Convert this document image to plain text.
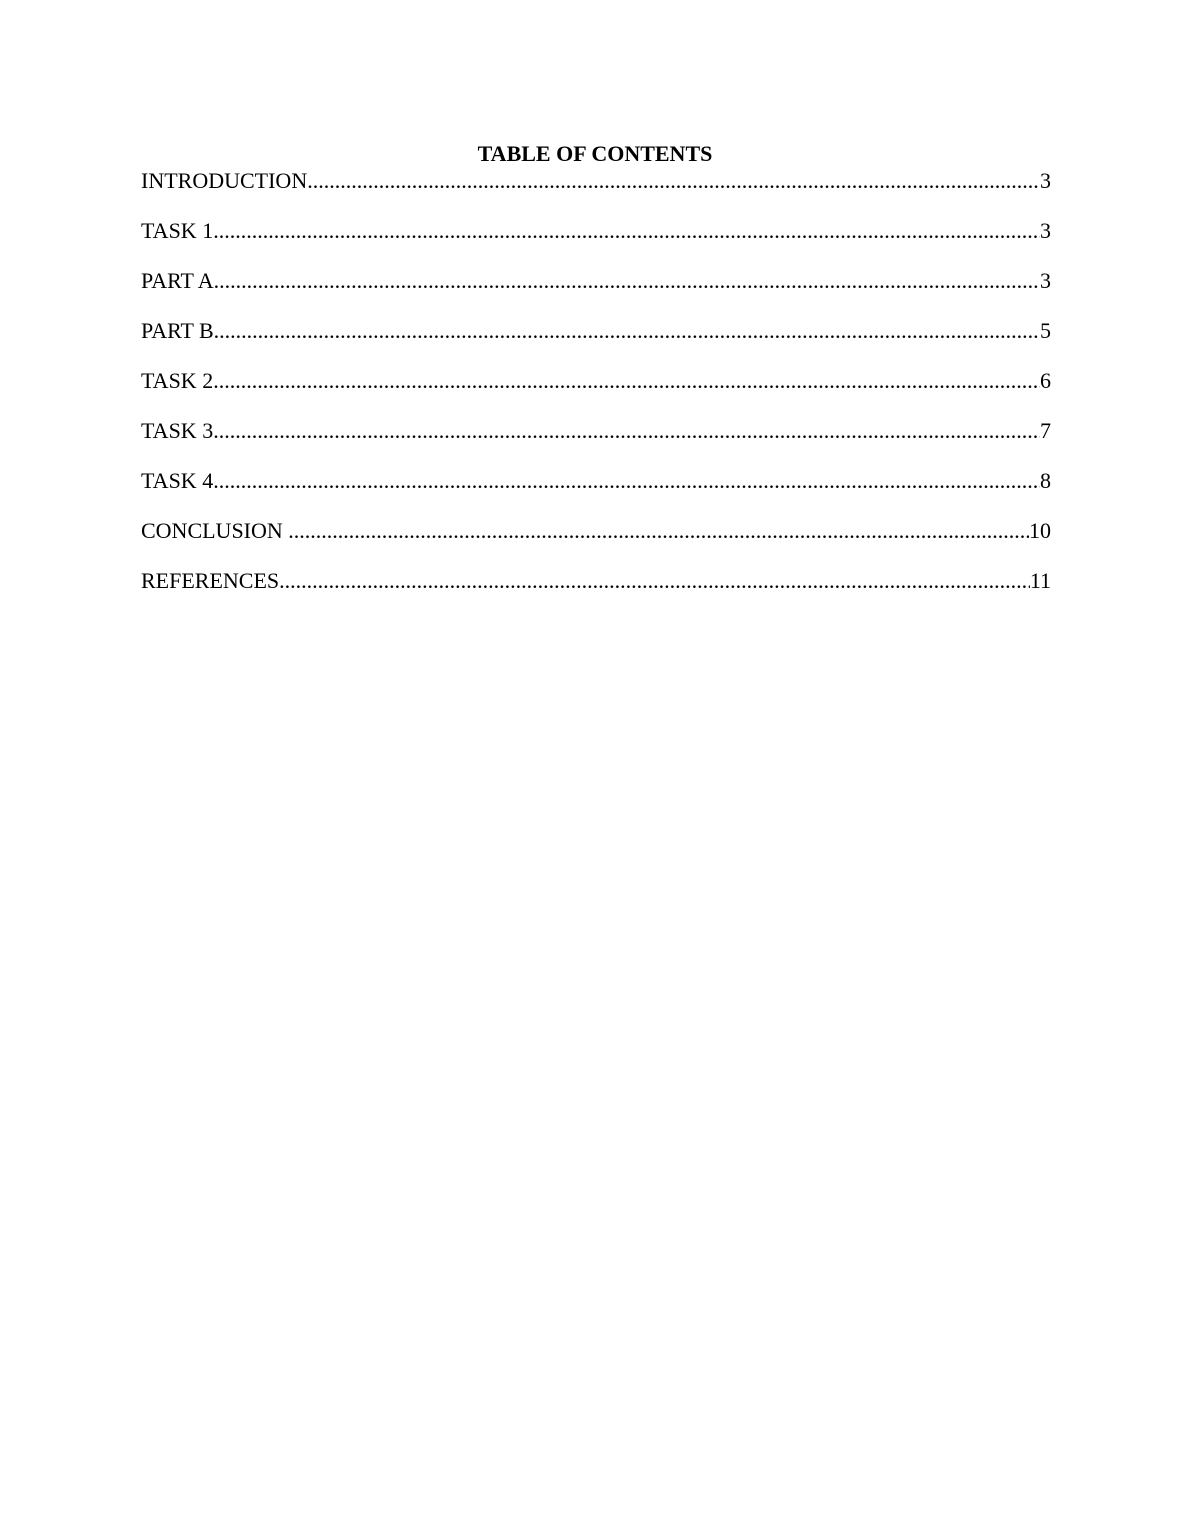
TABLE OF CONTENTS
INTRODUCTION .....	3
TASK 1 .....	3
PART A .....	3
PART B .....	5
TASK 2 .....	6
TASK 3 .....	7
TASK 4 .....	8
CONCLUSION .....	10
REFERENCES .....	11
